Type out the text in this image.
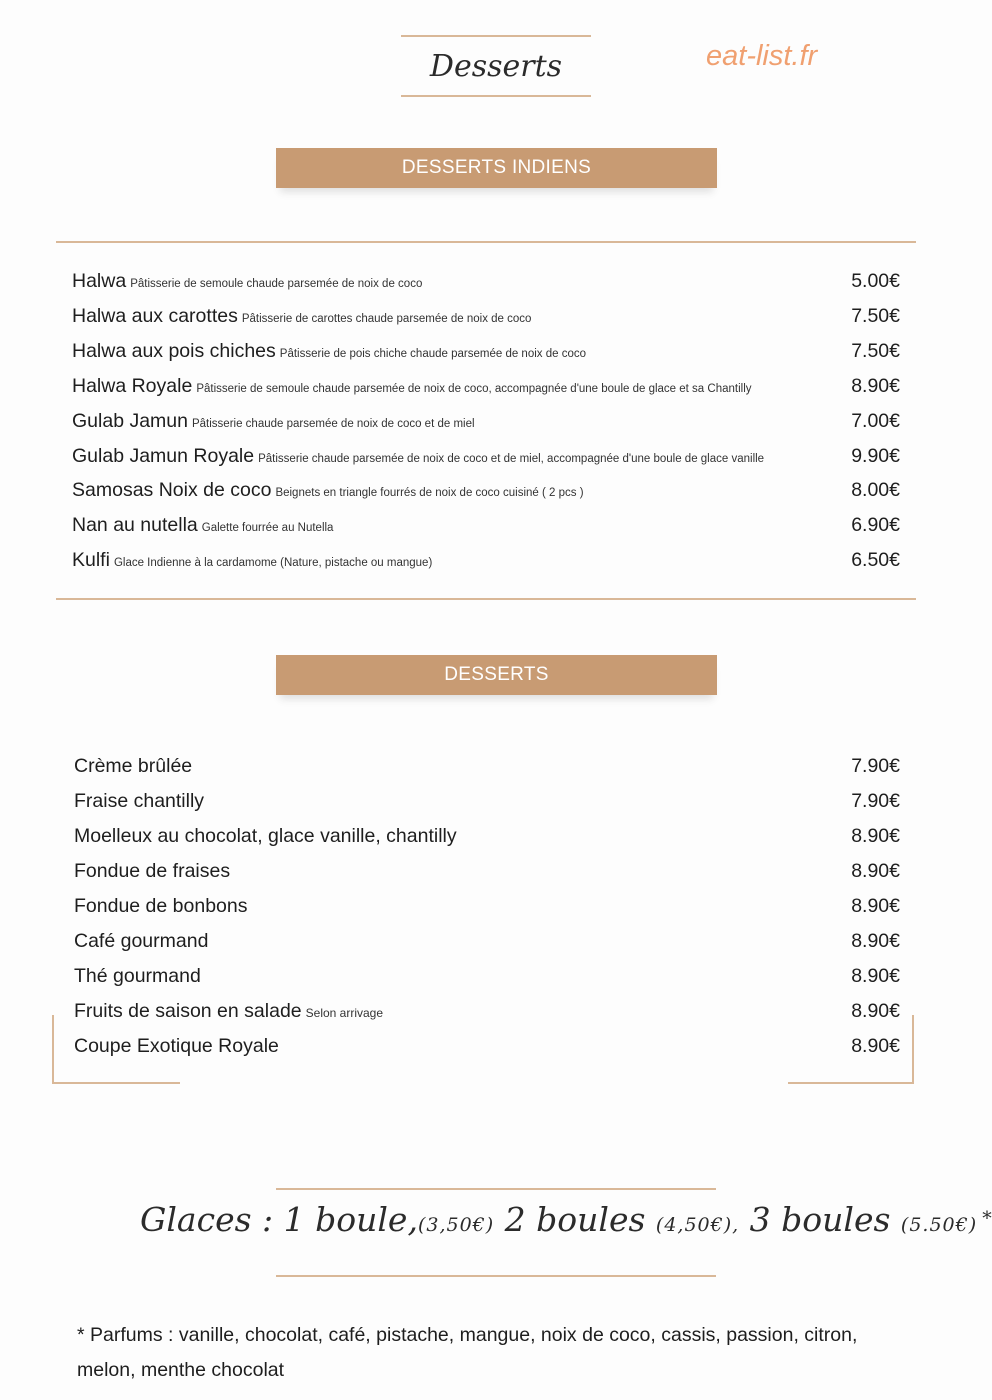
Desserts	eat-list.fr
DESSERTS INDIENS
Halwa Pâtisserie de semoule chaude parsemée de noix de coco	5.00€
Halwa aux carottes Pâtisserie de carottes chaude parsemée de noix de coco	7.50€
Halwa aux pois chiches Pâtisserie de pois chiche chaude parsemée de noix de coco	7.50€
Halwa Royale Pâtisserie de semoule chaude parsemée de noix de coco, accompagnée d'une boule de glace et sa Chantilly	8.90€
Gulab Jamun Pâtisserie chaude parsemée de noix de coco et de miel	7.00€
Gulab Jamun Royale Pâtisserie chaude parsemée de noix de coco et de miel, accompagnée d'une boule de glace vanille	9.90€
Samosas Noix de coco Beignets en triangle fourrés de noix de coco cuisiné ( 2 pcs )	8.00€
Nan au nutella Galette fourrée au Nutella	6.90€
Kulfi Glace Indienne à la cardamome (Nature, pistache ou mangue)	6.50€
DESSERTS
Crème brûlée	7.90€
Fraise chantilly	7.90€
Moelleux au chocolat, glace vanille, chantilly	8.90€
Fondue de fraises	8.90€
Fondue de bonbons	8.90€
Café gourmand	8.90€
Thé gourmand	8.90€
Fruits de saison en salade Selon arrivage	8.90€
Coupe Exotique Royale	8.90€
Glaces : 1 boule,(3,50€) 2 boules (4,50€), 3 boules (5.50€) *
* Parfums : vanille, chocolat, café, pistache, mangue, noix de coco, cassis, passion, citron, melon, menthe chocolat
